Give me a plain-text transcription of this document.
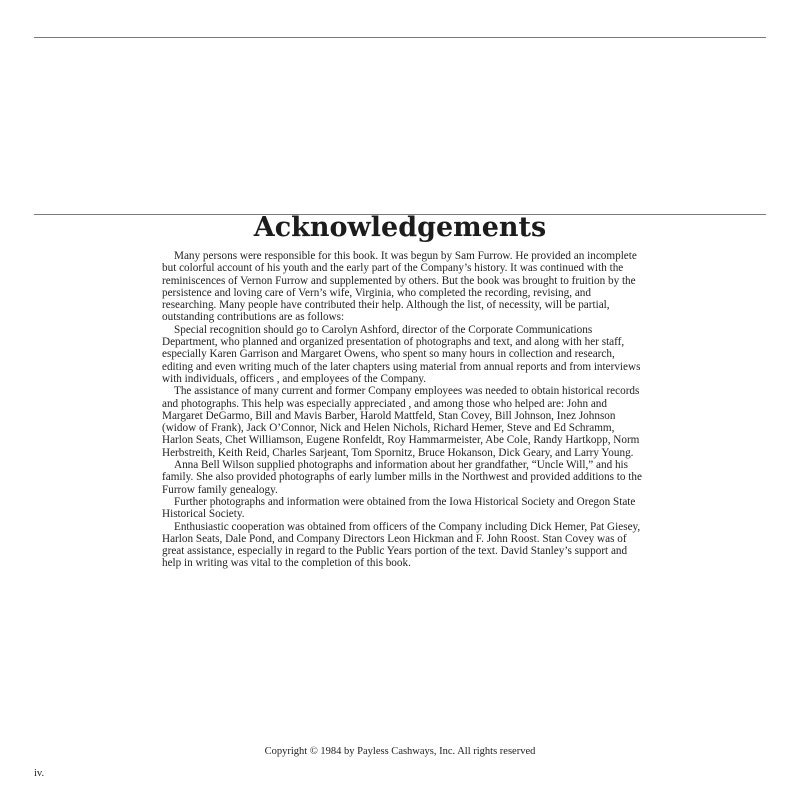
Acknowledgements

Many persons were responsible for this book. It was begun by Sam Furrow. He provided an incomplete but colorful account of his youth and the early part of the Company’s history. It was continued with the reminiscences of Vernon Furrow and supplemented by others. But the book was brought to fruition by the persistence and loving care of Vern’s wife, Virginia, who completed the recording, revising, and researching. Many people have contributed their help. Although the list, of necessity, will be partial, outstanding contributions are as follows:

Special recognition should go to Carolyn Ashford, director of the Corporate Communications Department, who planned and organized presentation of photographs and text, and along with her staff, especially Karen Garrison and Margaret Owens, who spent so many hours in collection and research, editing and even writing much of the later chapters using material from annual reports and from interviews with individuals, officers , and employees of the Company.

The assistance of many current and former Company employees was needed to obtain historical records and photographs. This help was especially appreciated , and among those who helped are: John and Margaret DeGarmo, Bill and Mavis Barber, Harold Mattfeld, Stan Covey, Bill Johnson, Inez Johnson (widow of Frank), Jack O’Connor, Nick and Helen Nichols, Richard Hemer, Steve and Ed Schramm, Harlon Seats, Chet Williamson, Eugene Ronfeldt, Roy Hammarmeister, Abe Cole, Randy Hartkopp, Norm Herbstreith, Keith Reid, Charles Sarjeant, Tom Spornitz, Bruce Hokanson, Dick Geary, and Larry Young.

Anna Bell Wilson supplied photographs and information about her grandfather, “Uncle Will,” and his family. She also provided photographs of early lumber mills in the Northwest and provided additions to the Furrow family genealogy.

Further photographs and information were obtained from the Iowa Historical Society and Oregon State Historical Society.

Enthusiastic cooperation was obtained from officers of the Company including Dick Hemer, Pat Giesey, Harlon Seats, Dale Pond, and Company Directors Leon Hickman and F. John Roost. Stan Covey was of great assistance, especially in regard to the Public Years portion of the text. David Stanley’s support and help in writing was vital to the completion of this book.

Copyright © 1984 by Payless Cashways, Inc. All rights reserved
iv.
